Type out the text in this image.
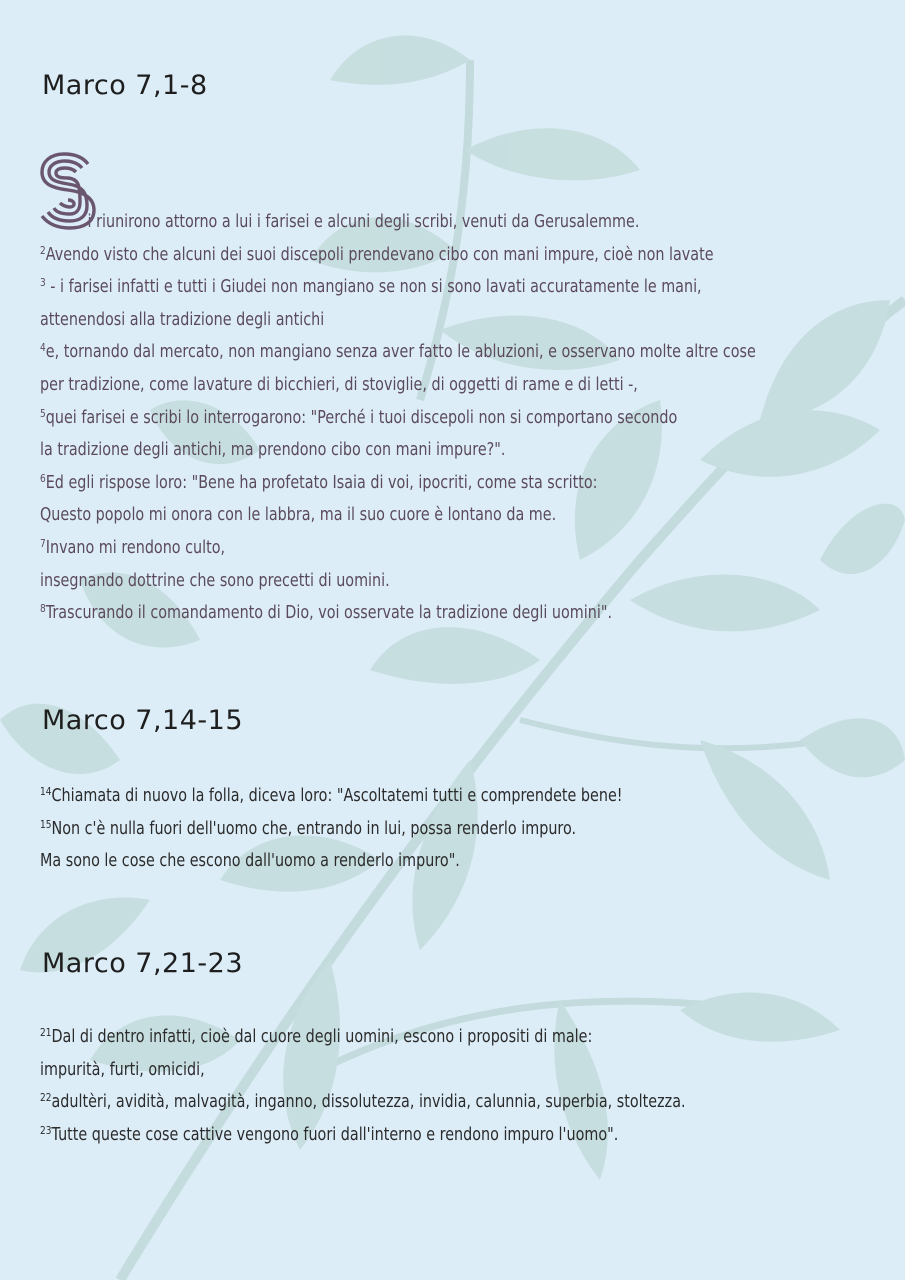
Marco 7,1-8
i riunirono attorno a lui i farisei e alcuni degli scribi, venuti da Gerusalemme.
$^2$Avendo visto che alcuni dei suoi discepoli prendevano cibo con mani impure, cioè non lavate
$^3$ - i farisei infatti e tutti i Giudei non mangiano se non si sono lavati accuratamente le mani,
attenendosi alla tradizione degli antichi
$^4$e, tornando dal mercato, non mangiano senza aver fatto le abluzioni, e osservano molte altre cose
per tradizione, come lavature di bicchieri, di stoviglie, di oggetti di rame e di letti -,
$^5$quei farisei e scribi lo interrogarono: "Perché i tuoi discepoli non si comportano secondo
la tradizione degli antichi, ma prendono cibo con mani impure?".
$^6$Ed egli rispose loro: "Bene ha profetato Isaia di voi, ipocriti, come sta scritto:
Questo popolo mi onora con le labbra, ma il suo cuore è lontano da me.
$^7$Invano mi rendono culto,
insegnando dottrine che sono precetti di uomini.
$^8$Trascurando il comandamento di Dio, voi osservate la tradizione degli uomini".
Marco 7,14-15
$^{14}$Chiamata di nuovo la folla, diceva loro: "Ascoltatemi tutti e comprendete bene!
$^{15}$Non c'è nulla fuori dell'uomo che, entrando in lui, possa renderlo impuro.
Ma sono le cose che escono dall'uomo a renderlo impuro".
Marco 7,21-23
$^{21}$Dal di dentro infatti, cioè dal cuore degli uomini, escono i propositi di male:
impurità, furti, omicidi,
$^{22}$adultèri, avidità, malvagità, inganno, dissolutezza, invidia, calunnia, superbia, stoltezza.
$^{23}$Tutte queste cose cattive vengono fuori dall'interno e rendono impuro l'uomo".
